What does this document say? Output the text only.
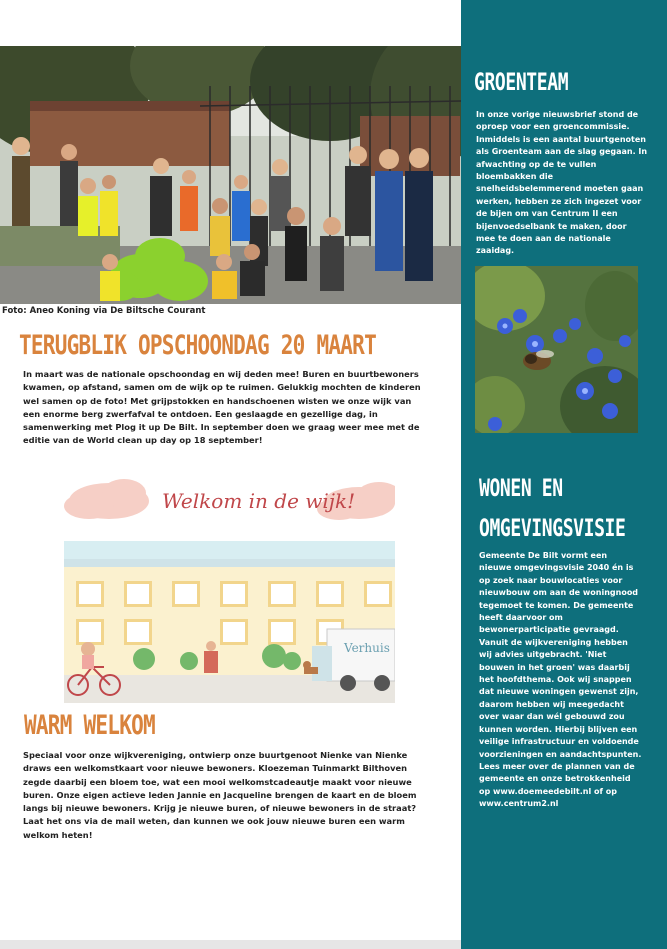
Foto: Aneo Koning via De Biltsche Courant
TERUGBLIK OPSCHOONDAG 20 MAART
In maart was de nationale opschoondag en wij deden mee! Buren en buurtbewoners kwamen, op afstand, samen om de wijk op te ruimen. Gelukkig mochten de kinderen wel samen op de foto! Met grijpstokken en handschoenen wisten we onze wijk van een enorme berg zwerfafval te ontdoen. Een geslaagde en gezellige dag, in samenwerking met Plog it up De Bilt. In september doen we graag weer mee met de editie van de World clean up day op 18 september!
Welkom in de wijk!
Verhuis
WARM WELKOM
Speciaal voor onze wijkvereniging, ontwierp onze buurtgenoot Nienke van Nienke draws een welkomstkaart voor nieuwe bewoners. Kloezeman Tuinmarkt Bilthoven zegde daarbij een bloem toe, wat een mooi welkomstcadeautje maakt voor nieuwe buren. Onze eigen actieve leden Jannie en Jacqueline brengen de kaart en de bloem langs bij nieuwe bewoners. Krijg je nieuwe buren, of nieuwe bewoners in de straat? Laat het ons via de mail weten, dan kunnen we ook jouw nieuwe buren een warm welkom heten!
GROENTEAM
In onze vorige nieuwsbrief stond de oproep voor een groencommissie. Inmiddels is een aantal buurtgenoten als Groenteam aan de slag gegaan. In afwachting op de te vullen bloembakken die snelheidsbelemmerend moeten gaan werken, hebben ze zich ingezet voor de bijen om van Centrum II een bijenvoedselbank te maken, door mee te doen aan de nationale zaaidag.
WONEN EN
OMGEVINGSVISIE
Gemeente De Bilt vormt een nieuwe omgevingsvisie 2040 én is op zoek naar bouwlocaties voor nieuwbouw om aan de woningnood tegemoet te komen. De gemeente heeft daarvoor om bewonerparticipatie gevraagd. Vanuit de wijkvereniging hebben wij advies uitgebracht. 'Niet bouwen in het groen' was daarbij het hoofdthema. Ook wij snappen dat nieuwe woningen gewenst zijn, daarom hebben wij meegedacht over waar dan wél gebouwd zou kunnen worden. Hierbij blijven een veilige infrastructuur en voldoende voorzieningen en aandachtspunten. Lees meer over de plannen van de gemeente en onze betrokkenheid op www.doemeedebilt.nl of op www.centrum2.nl
